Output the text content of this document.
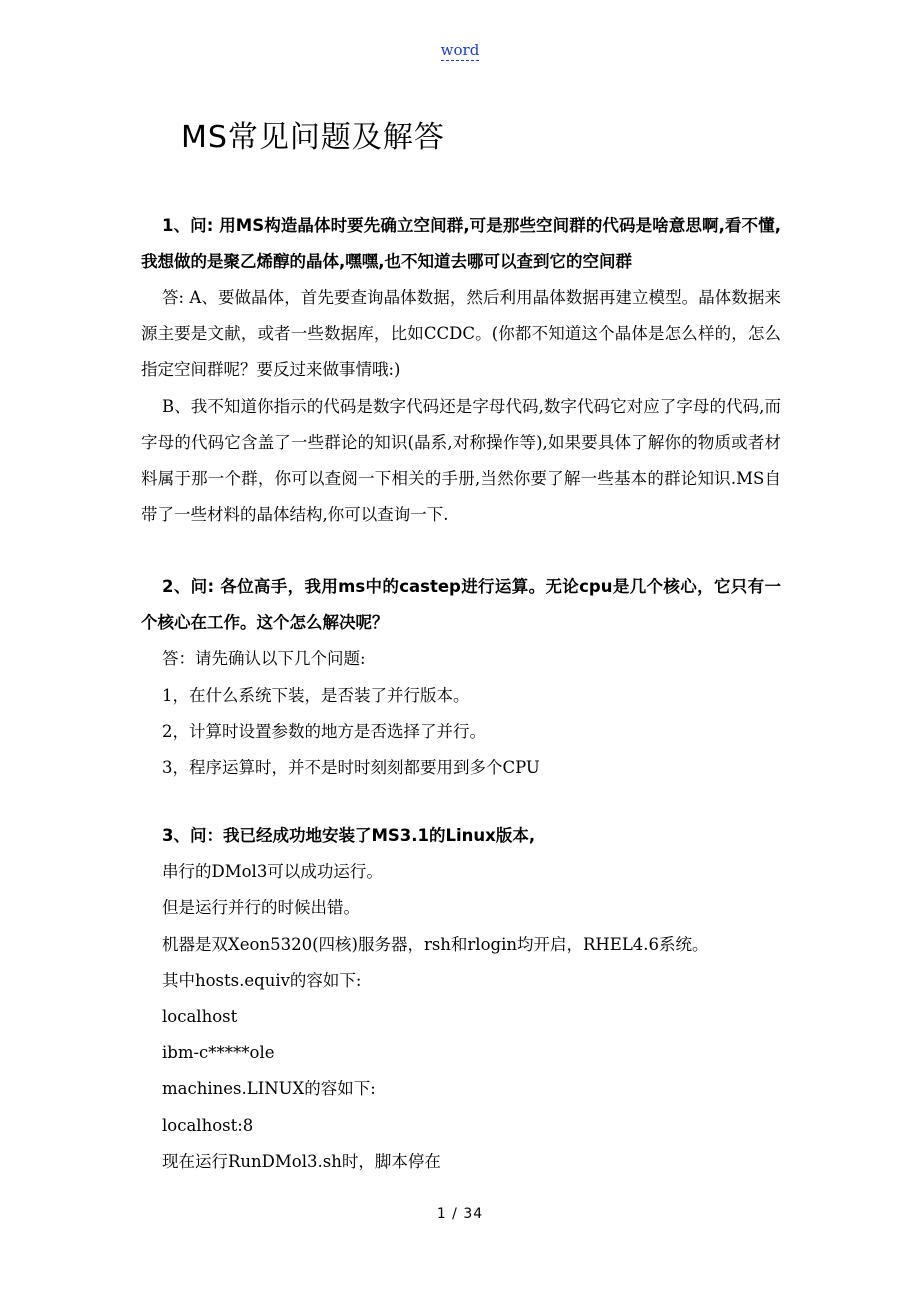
word
MS常见问题及解答

1、问: 用MS构造晶体时要先确立空间群,可是那些空间群的代码是啥意思啊,看不懂,我想做的是聚乙烯醇的晶体,嘿嘿,也不知道去哪可以查到它的空间群

答: A、要做晶体，首先要查询晶体数据，然后利用晶体数据再建立模型。晶体数据来源主要是文献，或者一些数据库，比如CCDC。(你都不知道这个晶体是怎么样的，怎么指定空间群呢？要反过来做事情哦:)

B、我不知道你指示的代码是数字代码还是字母代码,数字代码它对应了字母的代码,而字母的代码它含盖了一些群论的知识(晶系,对称操作等),如果要具体了解你的物质或者材料属于那一个群，你可以查阅一下相关的手册,当然你要了解一些基本的群论知识.MS自带了一些材料的晶体结构,你可以查询一下.

2、问: 各位高手，我用ms中的castep进行运算。无论cpu是几个核心，它只有一个核心在工作。这个怎么解决呢？

答：请先确认以下几个问题:

1，在什么系统下装，是否装了并行版本。

2，计算时设置参数的地方是否选择了并行。

3，程序运算时，并不是时时刻刻都要用到多个CPU

3、问：我已经成功地安装了MS3.1的Linux版本,

串行的DMol3可以成功运行。

但是运行并行的时候出错。

机器是双Xeon5320(四核)服务器，rsh和rlogin均开启，RHEL4.6系统。

其中hosts.equiv的容如下:

localhost

ibm-c*****ole

machines.LINUX的容如下:

localhost:8

现在运行RunDMol3.sh时，脚本停在

1 / 34
